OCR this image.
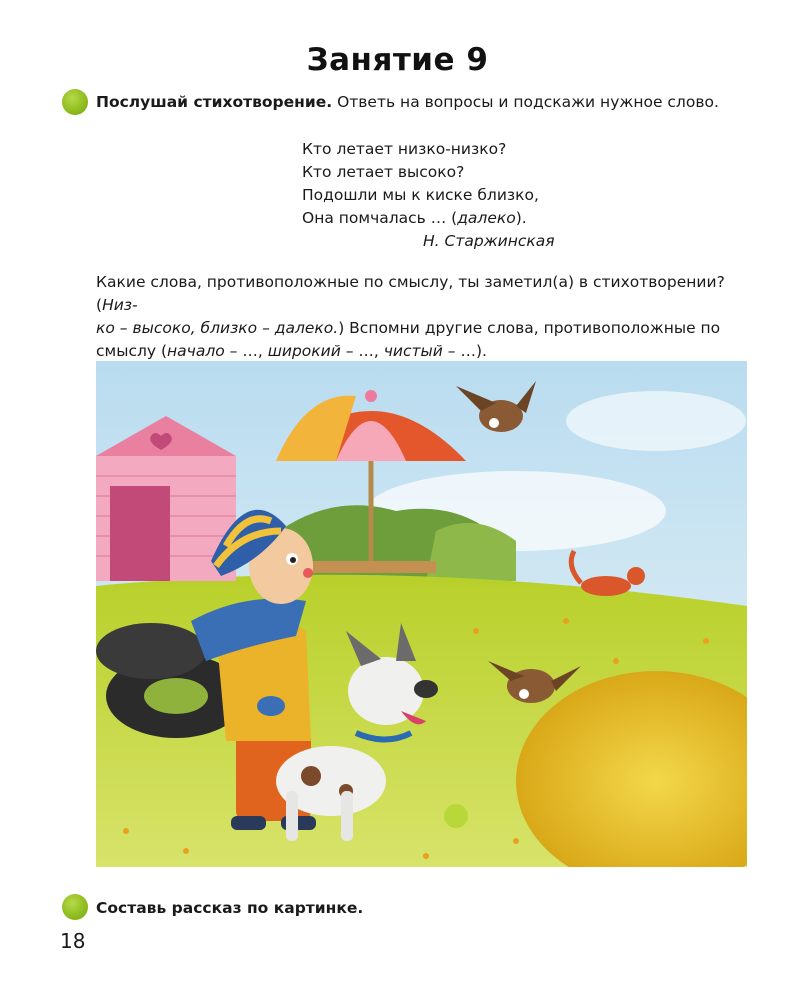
Занятие 9
Послушай стихотворение. Ответь на вопросы и подскажи нужное слово.
Кто летает низко-низко?
Кто летает высоко?
Подошли мы к киске близко,
Она помчалась … (далеко).
Н. Старжинская
Какие слова, противоположные по смыслу, ты заметил(а) в стихотворении? (Низ-
ко – высоко, близко – далеко.) Вспомни другие слова, противоположные по смыслу (начало – …, широкий – …, чистый – …).
Составь рассказ по картинке.
18
